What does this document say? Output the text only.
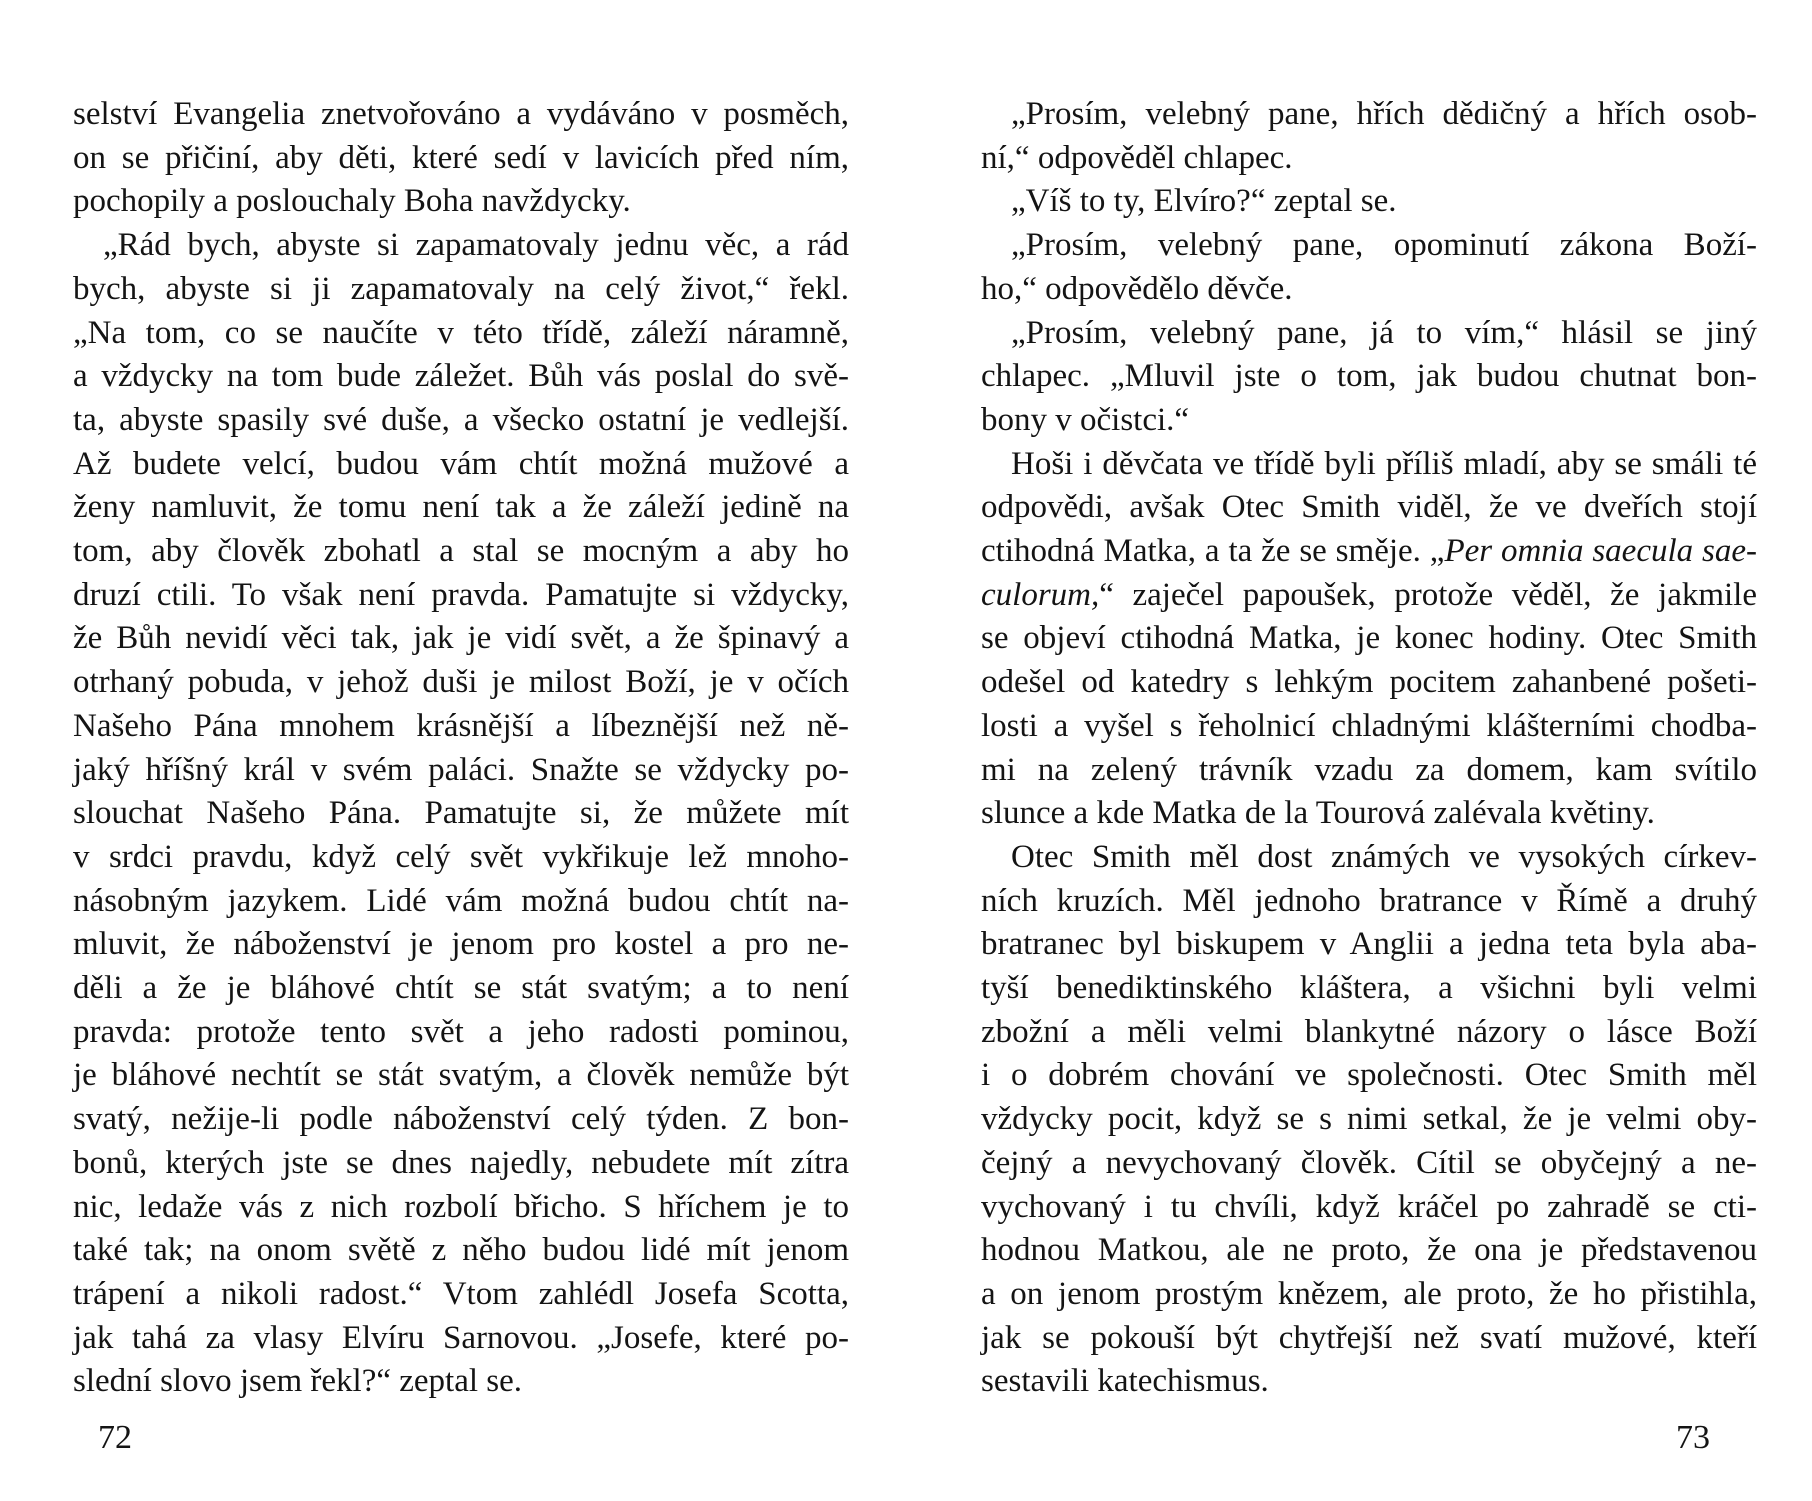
selství Evangelia znetvořováno a vydáváno v posměch,
on se přičiní, aby děti, které sedí v lavicích před ním,
pochopily a poslouchaly Boha navždycky.

„Rád bych, abyste si zapamatovaly jednu věc, a rád
bych, abyste si ji zapamatovaly na celý život,“ řekl.
„Na tom, co se naučíte v této třídě, záleží náramně,
a vždycky na tom bude záležet. Bůh vás poslal do svě-
ta, abyste spasily své duše, a všecko ostatní je vedlejší.
Až budete velcí, budou vám chtít možná mužové a
ženy namluvit, že tomu není tak a že záleží jedině na
tom, aby člověk zbohatl a stal se mocným a aby ho
druzí ctili. To však není pravda. Pamatujte si vždycky,
že Bůh nevidí věci tak, jak je vidí svět, a že špinavý a
otrhaný pobuda, v jehož duši je milost Boží, je v očích
Našeho Pána mnohem krásnější a líbeznější než ně-
jaký hříšný král v svém paláci. Snažte se vždycky po-
slouchat Našeho Pána. Pamatujte si, že můžete mít
v srdci pravdu, když celý svět vykřikuje lež mnoho-
násobným jazykem. Lidé vám možná budou chtít na-
mluvit, že náboženství je jenom pro kostel a pro ne-
děli a že je bláhové chtít se stát svatým; a to není
pravda: protože tento svět a jeho radosti pominou,
je bláhové nechtít se stát svatým, a člověk nemůže být
svatý, nežije-li podle náboženství celý týden. Z bon-
bonů, kterých jste se dnes najedly, nebudete mít zítra
nic, ledaže vás z nich rozbolí břicho. S hříchem je to
také tak; na onom světě z něho budou lidé mít jenom
trápení a nikoli radost.“ Vtom zahlédl Josefa Scotta,
jak tahá za vlasy Elvíru Sarnovou. „Josefe, které po-
slední slovo jsem řekl?“ zeptal se.

72

„Prosím, velebný pane, hřích dědičný a hřích osob-
ní,“ odpověděl chlapec.

„Víš to ty, Elvíro?“ zeptal se.

„Prosím, velebný pane, opominutí zákona Boží-
ho,“ odpovědělo děvče.

„Prosím, velebný pane, já to vím,“ hlásil se jiný
chlapec. „Mluvil jste o tom, jak budou chutnat bon-
bony v očistci.“

Hoši i děvčata ve třídě byli příliš mladí, aby se smáli té
odpovědi, avšak Otec Smith viděl, že ve dveřích stojí
ctihodná Matka, a ta že se směje. „Per omnia saecula sae-
culorum,“ zaječel papoušek, protože věděl, že jakmile
se objeví ctihodná Matka, je konec hodiny. Otec Smith
odešel od katedry s lehkým pocitem zahanbené pošeti-
losti a vyšel s řeholnicí chladnými klášterními chodba-
mi na zelený trávník vzadu za domem, kam svítilo
slunce a kde Matka de la Tourová zalévala květiny.

Otec Smith měl dost známých ve vysokých církev-
ních kruzích. Měl jednoho bratrance v Římě a druhý
bratranec byl biskupem v Anglii a jedna teta byla aba-
tyší benediktinského kláštera, a všichni byli velmi
zbožní a měli velmi blankytné názory o lásce Boží
i o dobrém chování ve společnosti. Otec Smith měl
vždycky pocit, když se s nimi setkal, že je velmi oby-
čejný a nevychovaný člověk. Cítil se obyčejný a ne-
vychovaný i tu chvíli, když kráčel po zahradě se cti-
hodnou Matkou, ale ne proto, že ona je představenou
a on jenom prostým knězem, ale proto, že ho přistihla,
jak se pokouší být chytřejší než svatí mužové, kteří
sestavili katechismus.

73
